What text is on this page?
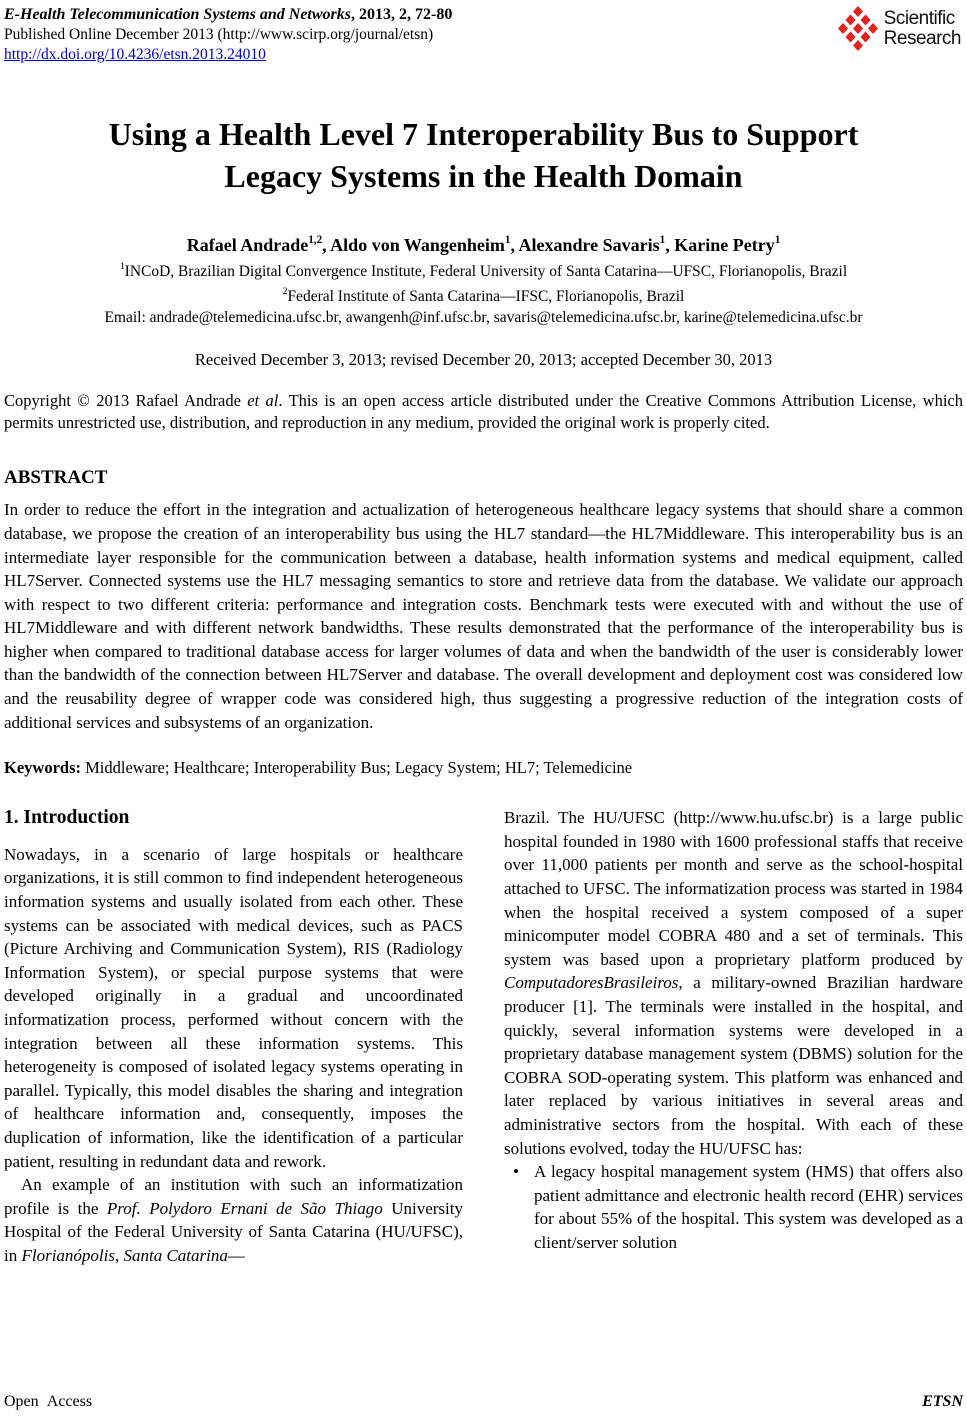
E-Health Telecommunication Systems and Networks, 2013, 2, 72-80
Published Online December 2013 (http://www.scirp.org/journal/etsn)
http://dx.doi.org/10.4236/etsn.2013.24010
Scientific
Research
Using a Health Level 7 Interoperability Bus to Support
Legacy Systems in the Health Domain
Rafael Andrade$^{1,2}$, Aldo von Wangenheim$^1$, Alexandre Savaris$^1$, Karine Petry$^1$
$^1$INCoD, Brazilian Digital Convergence Institute, Federal University of Santa Catarina—UFSC, Florianopolis, Brazil
$^2$Federal Institute of Santa Catarina—IFSC, Florianopolis, Brazil
Email: andrade@telemedicina.ufsc.br, awangenh@inf.ufsc.br, savaris@telemedicina.ufsc.br, karine@telemedicina.ufsc.br
Received December 3, 2013; revised December 20, 2013; accepted December 30, 2013
Copyright © 2013 Rafael Andrade et al. This is an open access article distributed under the Creative Commons Attribution License, which permits unrestricted use, distribution, and reproduction in any medium, provided the original work is properly cited.
ABSTRACT
In order to reduce the effort in the integration and actualization of heterogeneous healthcare legacy systems that should share a common database, we propose the creation of an interoperability bus using the HL7 standard—the HL7Middleware. This interoperability bus is an intermediate layer responsible for the communication between a database, health information systems and medical equipment, called HL7Server. Connected systems use the HL7 messaging semantics to store and retrieve data from the database. We validate our approach with respect to two different criteria: performance and integration costs. Benchmark tests were executed with and without the use of HL7Middleware and with different network bandwidths. These results demonstrated that the performance of the interoperability bus is higher when compared to traditional database access for larger volumes of data and when the bandwidth of the user is considerably lower than the bandwidth of the connection between HL7Server and database. The overall development and deployment cost was considered low and the reusability degree of wrapper code was considered high, thus suggesting a progressive reduction of the integration costs of additional services and subsystems of an organization.
Keywords: Middleware; Healthcare; Interoperability Bus; Legacy System; HL7; Telemedicine
1. Introduction

Nowadays, in a scenario of large hospitals or healthcare organizations, it is still common to find independent heterogeneous information systems and usually isolated from each other. These systems can be associated with medical devices, such as PACS (Picture Archiving and Communication System), RIS (Radiology Information System), or special purpose systems that were developed originally in a gradual and uncoordinated informatization process, performed without concern with the integration between all these information systems. This heterogeneity is composed of isolated legacy systems operating in parallel. Typically, this model disables the sharing and integration of healthcare information and, consequently, imposes the duplication of information, like the identification of a particular patient, resulting in redundant data and rework.

An example of an institution with such an informatization profile is the Prof. Polydoro Ernani de São Thiago University Hospital of the Federal University of Santa Catarina (HU/UFSC), in Florianópolis, Santa Catarina—

Brazil. The HU/UFSC (http://www.hu.ufsc.br) is a large public hospital founded in 1980 with 1600 professional staffs that receive over 11,000 patients per month and serve as the school-hospital attached to UFSC. The informatization process was started in 1984 when the hospital received a system composed of a super minicomputer model COBRA 480 and a set of terminals. This system was based upon a proprietary platform produced by ComputadoresBrasileiros, a military-owned Brazilian hardware producer [1]. The terminals were installed in the hospital, and quickly, several information systems were developed in a proprietary database management system (DBMS) solution for the COBRA SOD-operating system. This platform was enhanced and later replaced by various initiatives in several areas and administrative sectors from the hospital. With each of these solutions evolved, today the HU/UFSC has:

• A legacy hospital management system (HMS) that offers also patient admittance and electronic health record (EHR) services for about 55% of the hospital. This system was developed as a client/server solution

Open Access	ETSN
